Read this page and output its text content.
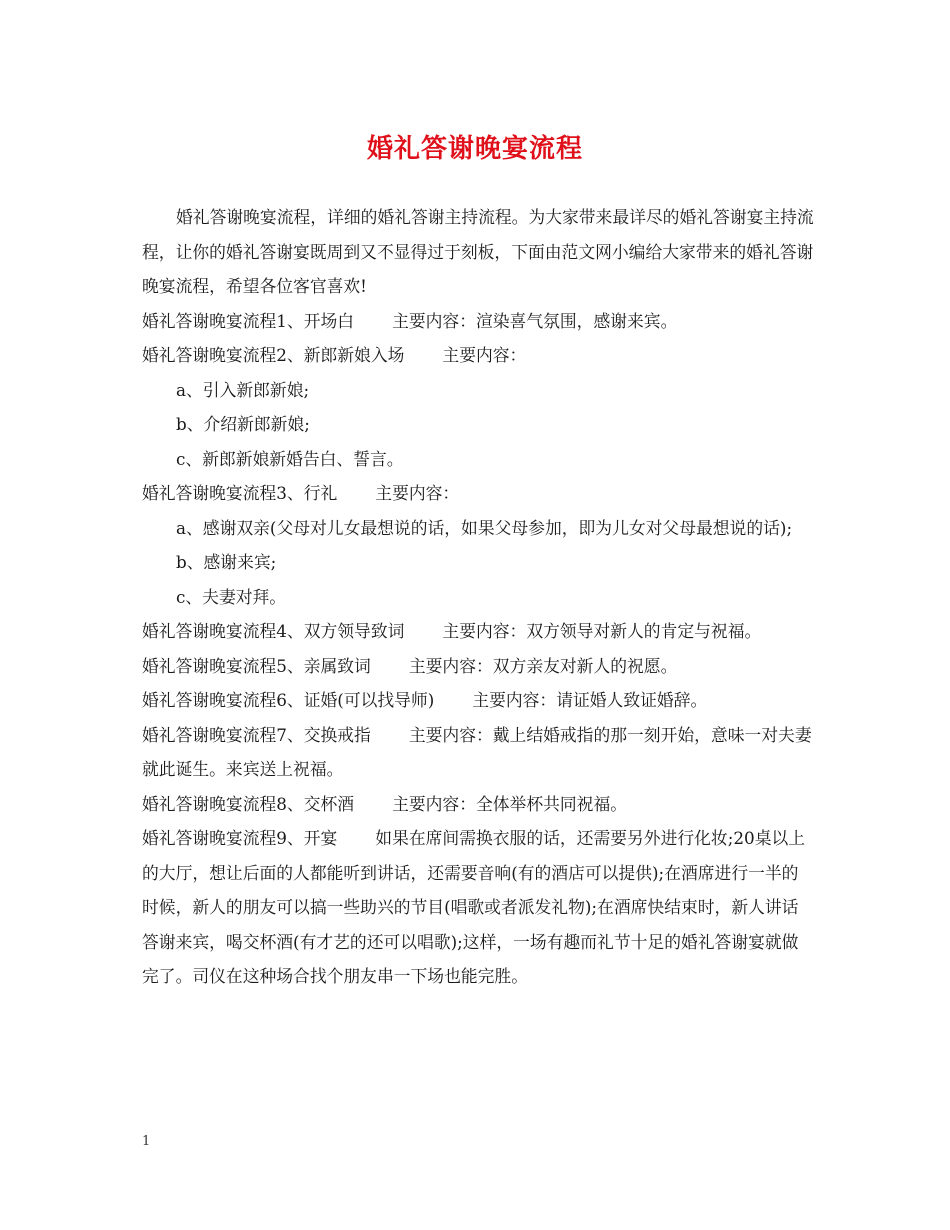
婚礼答谢晚宴流程

婚礼答谢晚宴流程，详细的婚礼答谢主持流程。为大家带来最详尽的婚礼答谢宴主持流程，让你的婚礼答谢宴既周到又不显得过于刻板，下面由范文网小编给大家带来的婚礼答谢晚宴流程，希望各位客官喜欢!

婚礼答谢晚宴流程1、开场白 主要内容：渲染喜气氛围，感谢来宾。

婚礼答谢晚宴流程2、新郎新娘入场 主要内容：

a、引入新郎新娘;

b、介绍新郎新娘;

c、新郎新娘新婚告白、誓言。

婚礼答谢晚宴流程3、行礼 主要内容：

a、感谢双亲(父母对儿女最想说的话，如果父母参加，即为儿女对父母最想说的话);

b、感谢来宾;

c、夫妻对拜。

婚礼答谢晚宴流程4、双方领导致词 主要内容：双方领导对新人的肯定与祝福。

婚礼答谢晚宴流程5、亲属致词 主要内容：双方亲友对新人的祝愿。

婚礼答谢晚宴流程6、证婚(可以找导师) 主要内容：请证婚人致证婚辞。

婚礼答谢晚宴流程7、交换戒指 主要内容：戴上结婚戒指的那一刻开始，意味一对夫妻就此诞生。来宾送上祝福。

婚礼答谢晚宴流程8、交杯酒 主要内容：全体举杯共同祝福。

婚礼答谢晚宴流程9、开宴 如果在席间需换衣服的话，还需要另外进行化妆;20桌以上的大厅，想让后面的人都能听到讲话，还需要音响(有的酒店可以提供);在酒席进行一半的时候，新人的朋友可以搞一些助兴的节目(唱歌或者派发礼物);在酒席快结束时，新人讲话答谢来宾，喝交杯酒(有才艺的还可以唱歌);这样，一场有趣而礼节十足的婚礼答谢宴就做完了。司仪在这种场合找个朋友串一下场也能完胜。

1
